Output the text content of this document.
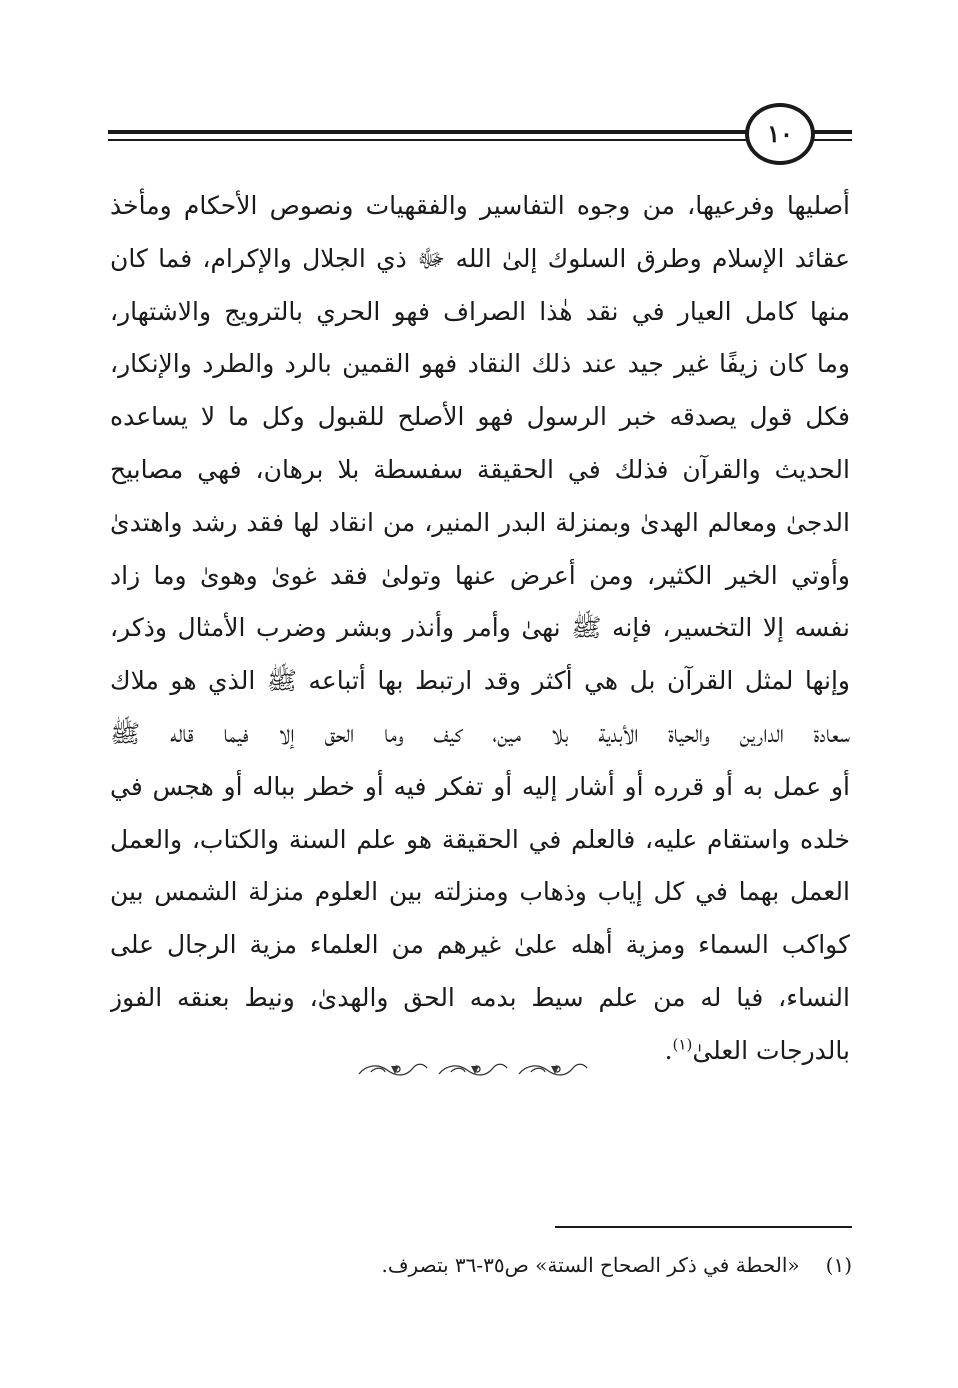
١٠
أصليها وفرعيها، من وجوه التفاسير والفقهيات ونصوص الأحكام ومأخذ
عقائد الإسلام وطرق السلوك إلىٰ الله ﷻ ذي الجلال والإكرام، فما كان
منها كامل العيار في نقد هٰذا الصراف فهو الحري بالترويج والاشتهار،
وما كان زيفًا غير جيد عند ذلك النقاد فهو القمين بالرد والطرد والإنكار،
فكل قول يصدقه خبر الرسول فهو الأصلح للقبول وكل ما لا يساعده
الحديث والقرآن فذلك في الحقيقة سفسطة بلا برهان، فهي مصابيح
الدجىٰ ومعالم الهدىٰ وبمنزلة البدر المنير، من انقاد لها فقد رشد واهتدىٰ
وأوتي الخير الكثير، ومن أعرض عنها وتولىٰ فقد غوىٰ وهوىٰ وما زاد
نفسه إلا التخسير، فإنه ﷺ نهىٰ وأمر وأنذر وبشر وضرب الأمثال وذكر،
وإنها لمثل القرآن بل هي أكثر وقد ارتبط بها أتباعه ﷺ الذي هو ملاك
سعادة الدارين والحياة الأبدية بلا مين، كيف وما الحق إلا فيما قاله ﷺ
أو عمل به أو قرره أو أشار إليه أو تفكر فيه أو خطر بباله أو هجس في
خلده واستقام عليه، فالعلم في الحقيقة هو علم السنة والكتاب، والعمل
العمل بهما في كل إياب وذهاب ومنزلته بين العلوم منزلة الشمس بين
كواكب السماء ومزية أهله علىٰ غيرهم من العلماء مزية الرجال على
النساء، فيا له من علم سيط بدمه الحق والهدىٰ، ونيط بعنقه الفوز
بالدرجات العلىٰ$^{(١)}$.
(١)«الحطة في ذكر الصحاح الستة» ص٣٥-٣٦ بتصرف.
